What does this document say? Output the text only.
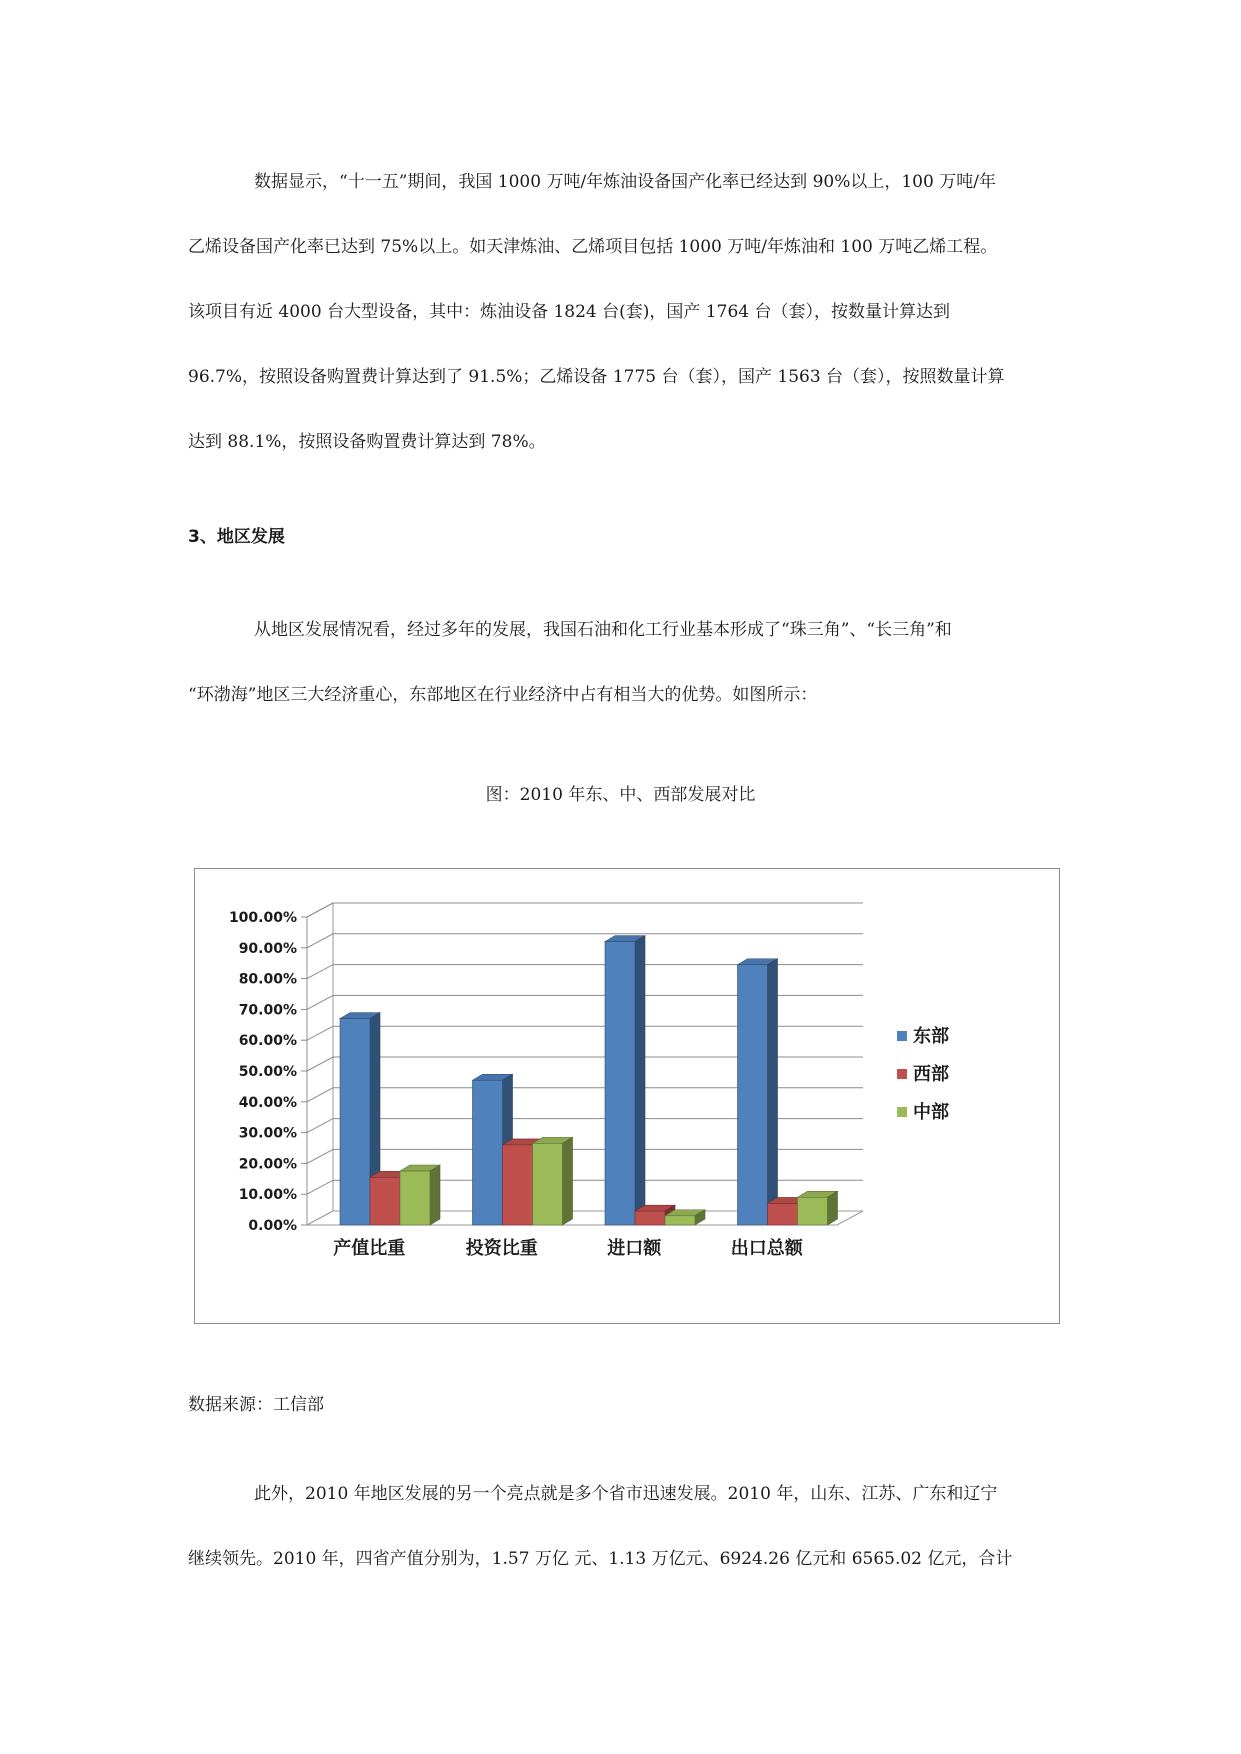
数据显示，“十一五”期间，我国 1000 万吨/年炼油设备国产化率已经达到 90%以上，100 万吨/年
乙烯设备国产化率已达到 75%以上。如天津炼油、乙烯项目包括 1000 万吨/年炼油和 100 万吨乙烯工程。
该项目有近 4000 台大型设备，其中：炼油设备 1824 台(套)，国产 1764 台（套），按数量计算达到
96.7%，按照设备购置费计算达到了 91.5%；乙烯设备 1775 台（套），国产 1563 台（套），按照数量计算
达到 88.1%，按照设备购置费计算达到 78%。
3、地区发展
从地区发展情况看，经过多年的发展，我国石油和化工行业基本形成了“珠三角”、“长三角”和
“环渤海”地区三大经济重心，东部地区在行业经济中占有相当大的优势。如图所示：
图：2010 年东、中、西部发展对比
0.00%
10.00%
20.00%
30.00%
40.00%
50.00%
60.00%
70.00%
80.00%
90.00%
100.00%
产值比重	投资比重	进口额	出口总额
东部
西部
中部
数据来源：工信部
此外，2010 年地区发展的另一个亮点就是多个省市迅速发展。2010 年，山东、江苏、广东和辽宁
继续领先。2010 年，四省产值分别为，1.57 万亿 元、1.13 万亿元、6924.26 亿元和 6565.02 亿元，合计
